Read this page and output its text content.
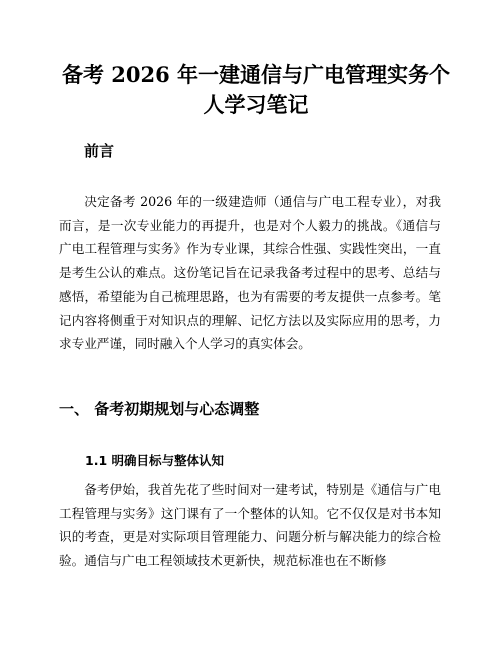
备考 2026 年一建通信与广电管理实务个人学习笔记
前言

决定备考 2026 年的一级建造师（通信与广电工程专业），对我而言，是一次专业能力的再提升，也是对个人毅力的挑战。《通信与广电工程管理与实务》作为专业课，其综合性强、实践性突出，一直是考生公认的难点。这份笔记旨在记录我备考过程中的思考、总结与感悟，希望能为自己梳理思路，也为有需要的考友提供一点参考。笔记内容将侧重于对知识点的理解、记忆方法以及实际应用的思考，力求专业严谨，同时融入个人学习的真实体会。

一、 备考初期规划与心态调整
1.1 明确目标与整体认知

备考伊始，我首先花了些时间对一建考试，特别是《通信与广电工程管理与实务》这门课有了一个整体的认知。它不仅仅是对书本知识的考查，更是对实际项目管理能力、问题分析与解决能力的综合检验。通信与广电工程领域技术更新快，规范标准也在不断修
